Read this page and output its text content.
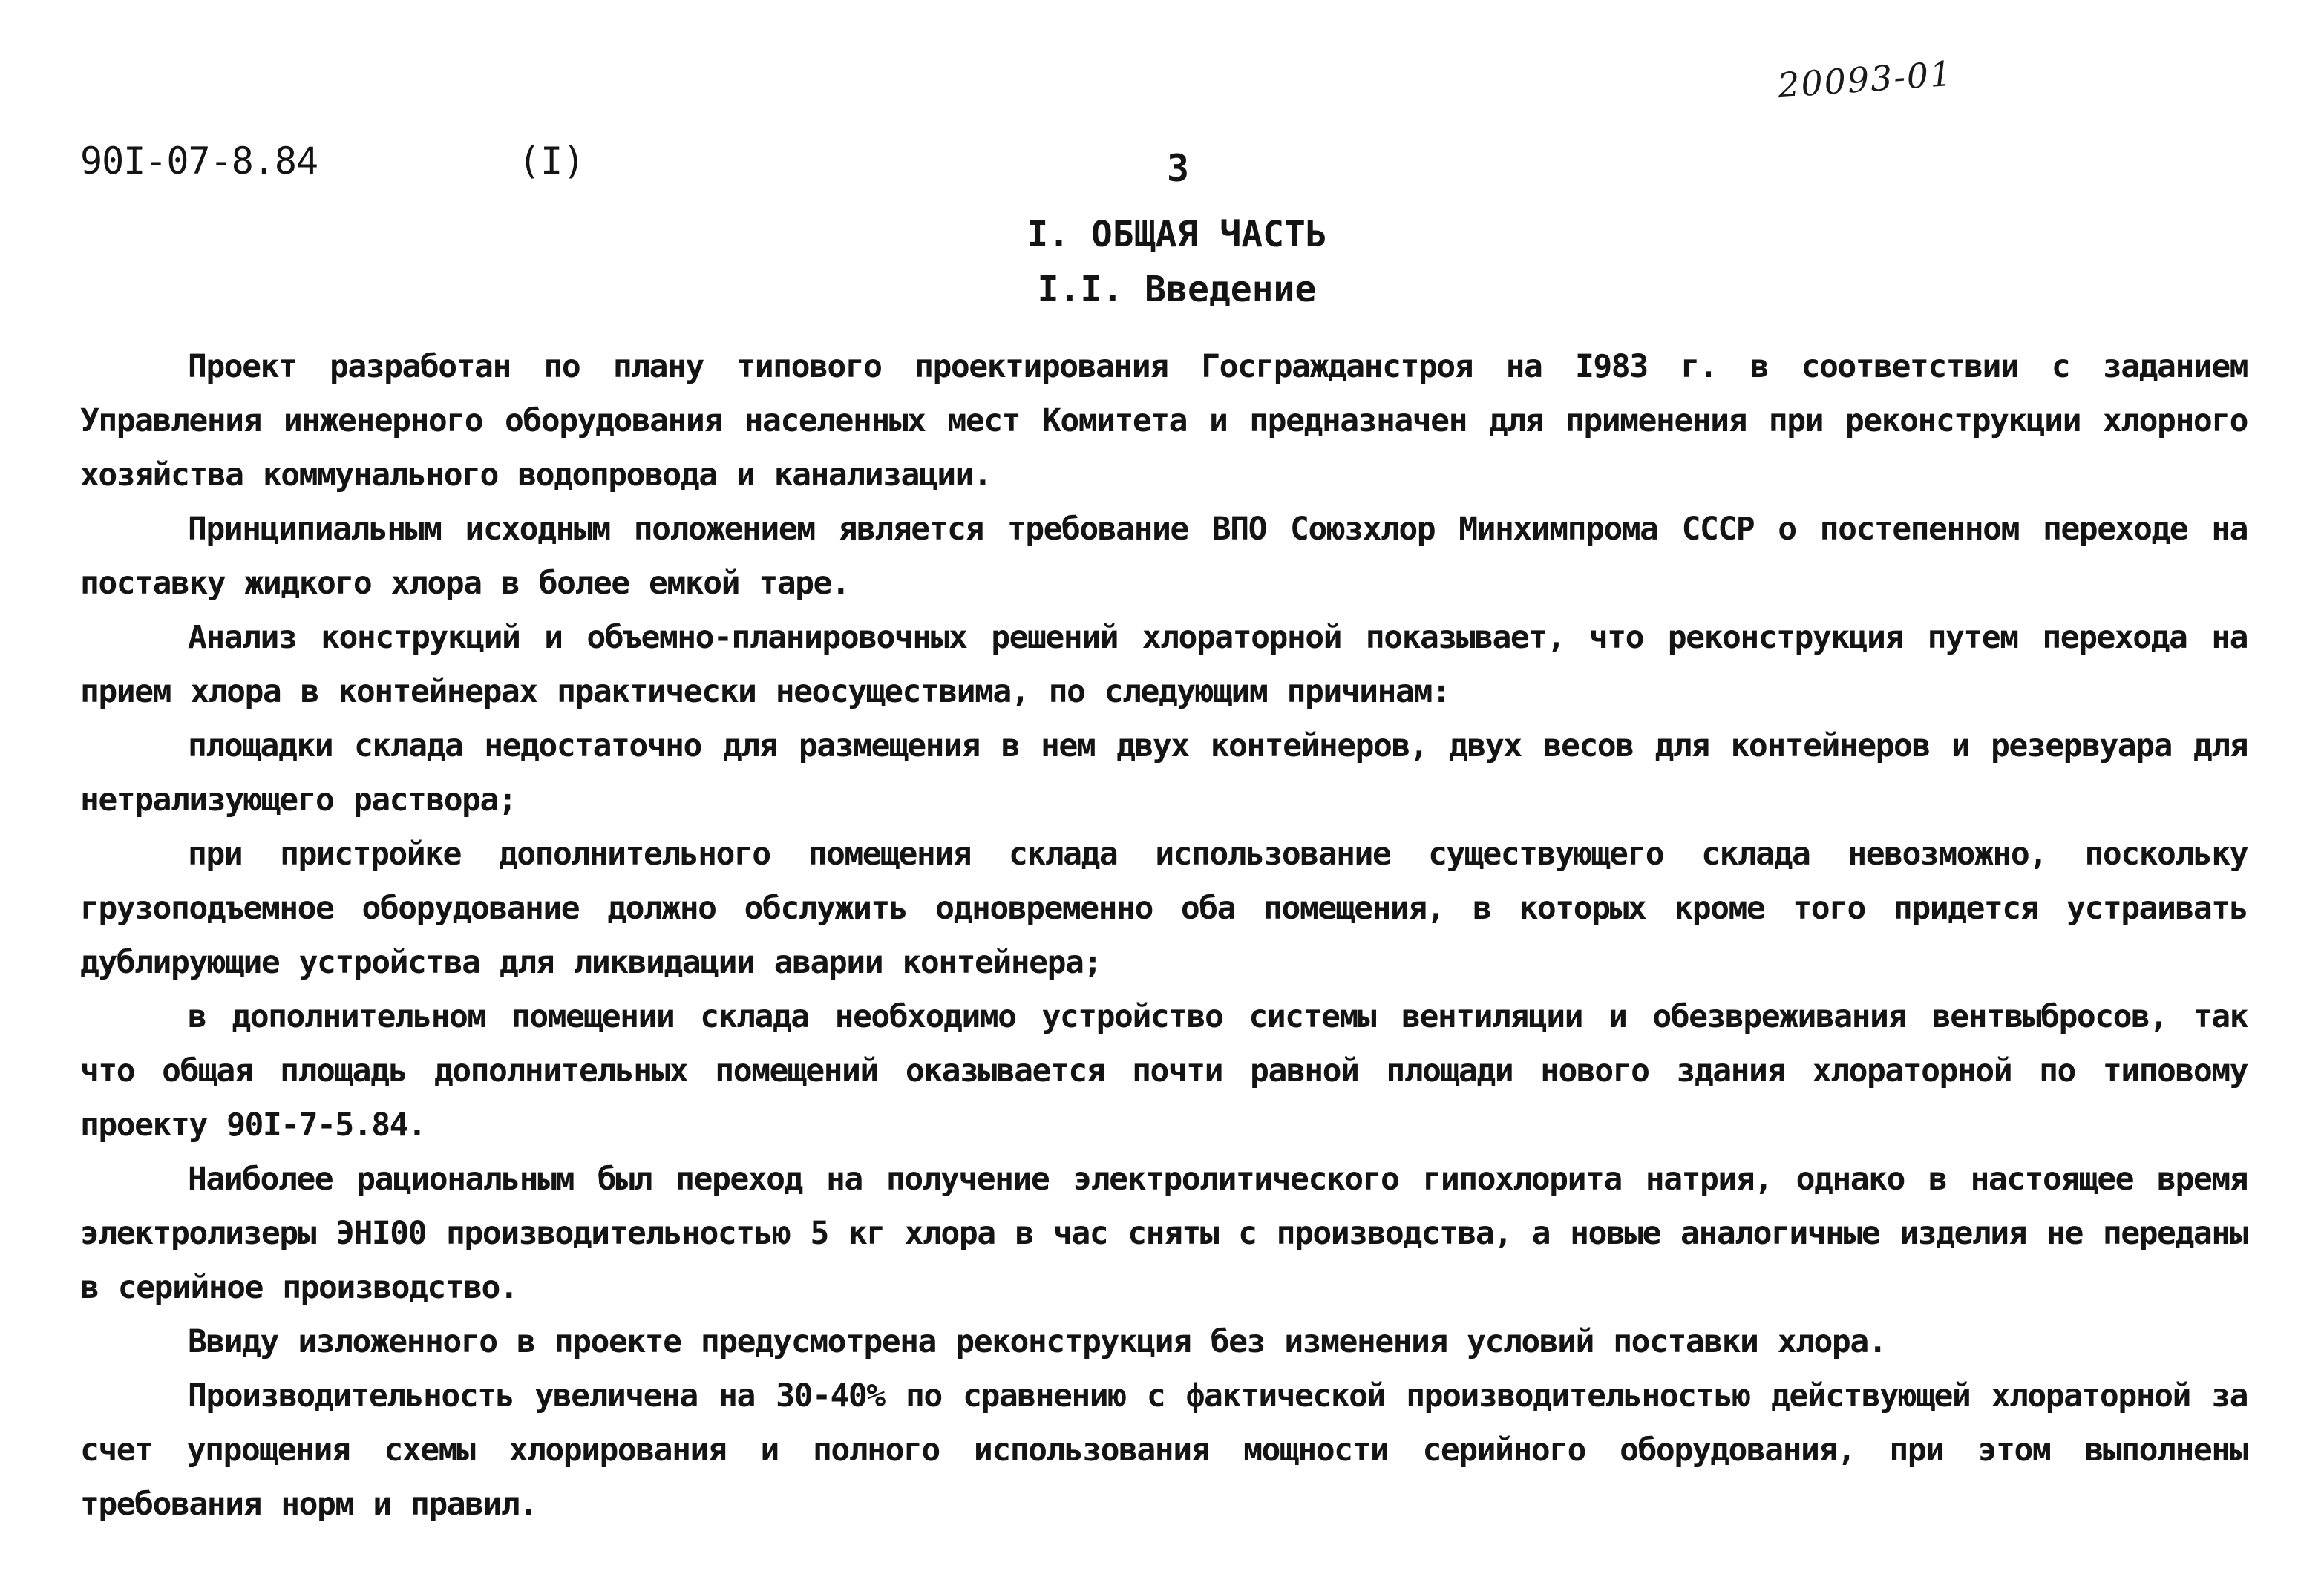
20093-01
90I-07-8.84	(I)	3
I. ОБЩАЯ ЧАСТЬ
I.I. Введение

Проект разработан по плану типового проектирования Госгражданстроя на I983 г. в соответствии с заданием Управления инженерного оборудования населенных мест Комитета и предназначен для применения при реконструкции хлорного хозяйства коммунального водопровода и канализации.

Принципиальным исходным положением является требование ВПО Союзхлор Минхимпрома СССР о постепенном переходе на поставку жидкого хлора в более емкой таре.

Анализ конструкций и объемно-планировочных решений хлораторной показывает, что реконструкция путем перехода на прием хлора в контейнерах практически неосуществима, по следующим причинам:

площадки склада недостаточно для размещения в нем двух контейнеров, двух весов для контейнеров и резервуара для нетрализующего раствора;

при пристройке дополнительного помещения склада использование существующего склада невозможно, поскольку грузоподъемное оборудование должно обслужить одновременно оба помещения, в которых кроме того придется устраивать дублирующие устройства для ликвидации аварии контейнера;

в дополнительном помещении склада необходимо устройство системы вентиляции и обезвреживания вентвыбросов, так что общая площадь дополнительных помещений оказывается почти равной площади нового здания хлораторной по типовому проекту 90I-7-5.84.

Наиболее рациональным был переход на получение электролитического гипохлорита натрия, однако в настоящее время электролизеры ЭНI00 производительностью 5 кг хлора в час сняты с производства, а новые аналогичные изделия не переданы в серийное производство.

Ввиду изложенного в проекте предусмотрена реконструкция без изменения условий поставки хлора.

Производительность увеличена на 30-40% по сравнению с фактической производительностью действующей хлораторной за счет упрощения схемы хлорирования и полного использования мощности серийного оборудования, при этом выполнены требования норм и правил.
